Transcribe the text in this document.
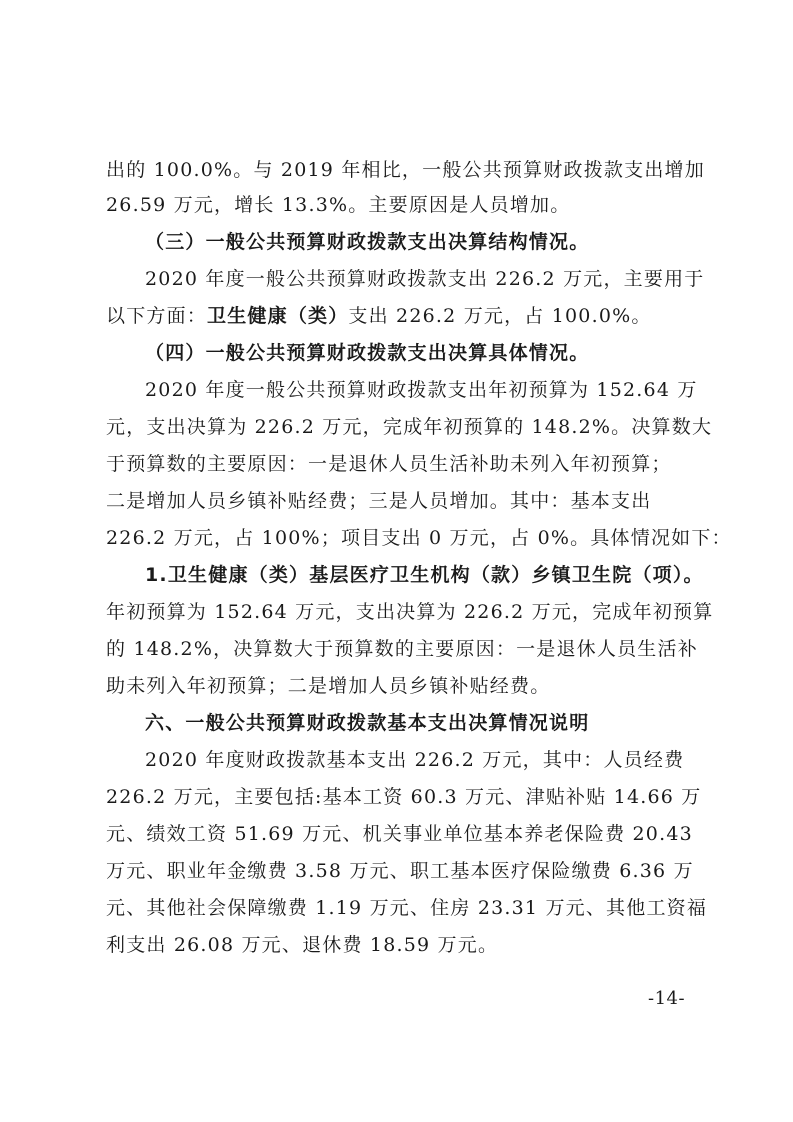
出的 100.0%。与 2019 年相比，一般公共预算财政拨款支出增加
26.59 万元，增长 13.3%。主要原因是人员增加。
（三）一般公共预算财政拨款支出决算结构情况。
2020 年度一般公共预算财政拨款支出 226.2 万元，主要用于
以下方面：卫生健康（类）支出 226.2 万元，占 100.0%。
（四）一般公共预算财政拨款支出决算具体情况。
2020 年度一般公共预算财政拨款支出年初预算为 152.64 万
元，支出决算为 226.2 万元，完成年初预算的 148.2%。决算数大
于预算数的主要原因：一是退休人员生活补助未列入年初预算；
二是增加人员乡镇补贴经费；三是人员增加。其中：基本支出
226.2 万元，占 100%；项目支出 0 万元，占 0%。具体情况如下：
1.卫生健康（类）基层医疗卫生机构（款）乡镇卫生院（项）。
年初预算为 152.64 万元，支出决算为 226.2 万元，完成年初预算
的 148.2%，决算数大于预算数的主要原因：一是退休人员生活补
助未列入年初预算；二是增加人员乡镇补贴经费。
六、一般公共预算财政拨款基本支出决算情况说明
2020 年度财政拨款基本支出 226.2 万元，其中：人员经费
226.2 万元，主要包括:基本工资 60.3 万元、津贴补贴 14.66 万
元、绩效工资 51.69 万元、机关事业单位基本养老保险费 20.43
万元、职业年金缴费 3.58 万元、职工基本医疗保险缴费 6.36 万
元、其他社会保障缴费 1.19 万元、住房 23.31 万元、其他工资福
利支出 26.08 万元、退休费 18.59 万元。
-14-
